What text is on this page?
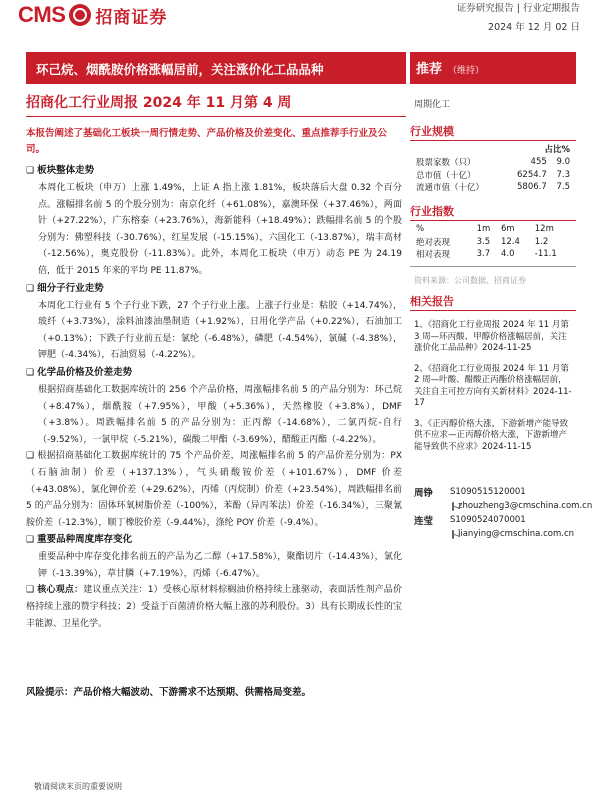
CMS 招商证券	证券研究报告 | 行业定期报告
2024 年 12 月 02 日
环己烷、烟酰胺价格涨幅居前，关注涨价化工品品种	推荐 （维持）
招商化工行业周报 2024 年 11 月第 4 周	周期化工
本报告阐述了基础化工板块一周行情走势、产品价格及价差变化、重点推荐手行业及公司。
❑ 板块整体走势
本周化工板块（申万）上涨 1.49%，上证 A 指上涨 1.81%，板块落后大盘 0.32 个百分点。涨幅排名前 5 的个股分别为：南京化纤（+61.08%），嘉澳环保（+37.46%），两面针（+27.22%），广东榕泰（+23.76%），海新能科（+18.49%）；跌幅排名前 5 的个股分别为：佛塑科技（-30.76%），红星发展（-15.15%），六国化工（-13.87%），瑞丰高材（-12.56%），奥克股份（-11.83%）。此外，本周化工板块（申万）动态 PE 为 24.19 倍，低于 2015 年来的平均 PE 11.87%。
❑ 细分子行业走势
本周化工行业有 5 个子行业下跌，27 个子行业上涨。上涨子行业是：粘胶（+14.74%），玻纤（+3.73%），涂料油漆油墨制造（+1.92%），日用化学产品（+0.22%），石油加工（+0.13%）；下跌子行业前五是：氯纶（-6.48%），磷肥（-4.54%），氯碱（-4.38%），钾肥（-4.34%），石油贸易（-4.22%）。
❑ 化学品价格及价差走势
根据招商基础化工数据库统计的 256 个产品价格，周涨幅排名前 5 的产品分别为：环己烷（+8.47%），烟酰胺（+7.95%），甲酸（+5.36%），天然橡胶（+3.8%），DMF（+3.8%）。周跌幅排名前 5 的产品分别为：正丙醇（-14.68%），二氯丙烷-自行（-9.52%），一氯甲烷（-5.21%），碳酸二甲酯（-3.69%），醋酸正丙酯（-4.22%）。
❑ 根据招商基础化工数据库统计的 75 个产品价差，周涨幅排名前 5 的产品价差分别为：PX（石脑油制）价差（+137.13%），气头硝酸铵价差（+101.67%），DMF 价差（+43.08%），氯化钾价差（+29.62%），丙烯（丙烷制）价差（+23.54%），周跌幅排名前 5 的产品分别为：固体环氧树脂价差（-100%），苯酚（异丙苯法）价差（-16.34%），三聚氰胺价差（-12.3%），顺丁橡胶价差（-9.44%），涤纶 POY 价差（-9.4%）。
❑ 重要品种周度库存变化
重要品种中库存变化排名前五的产品为乙二醇（+17.58%），聚酯切片（-14.43%），氯化钾（-13.39%），草甘膦（+7.19%），丙烯（-6.47%）。
❑ 核心观点：建议重点关注：1）受核心原材料棕榈油价格持续上涨驱动，表面活性剂产品价格持续上涨的赞宇科技；2）受益于百菌清价格大幅上涨的苏利股份。3）具有长期成长性的宝丰能源、卫星化学。
风险提示：产品价格大幅波动、下游需求不达预期、供需格局变差。
敬请阅读末页的重要说明
行业规模
占比%
股票家数（只）	455	9.0
总市值（十亿）	6254.7	7.3
流通市值（十亿）	5806.7	7.5
行业指数
%	1m	6m	12m
绝对表现	3.5	12.4	1.2
相对表现	3.7	4.0	-11.1
资料来源：公司数据、招商证券
相关报告
1、《招商化工行业周报 2024 年 11 月第 3 周—环丙酸、甲醇价格涨幅居前，关注涨价化工品品种》2024-11-25
2、《招商化工行业周报 2024 年 11 月第 2 周—叶酸、醋酸正丙酯价格涨幅居前，关注自主可控方向有关新材料》2024-11-17
3、《正丙醇价格大涨，下游新增产能导致供不应求—正丙醇价格大涨，下游新增产能导致供不应求》2024-11-15
周铮	S1090515120001
zhouzheng3@cmschina.com.cn
连莹	S1090524070001
lianying@cmschina.com.cn
